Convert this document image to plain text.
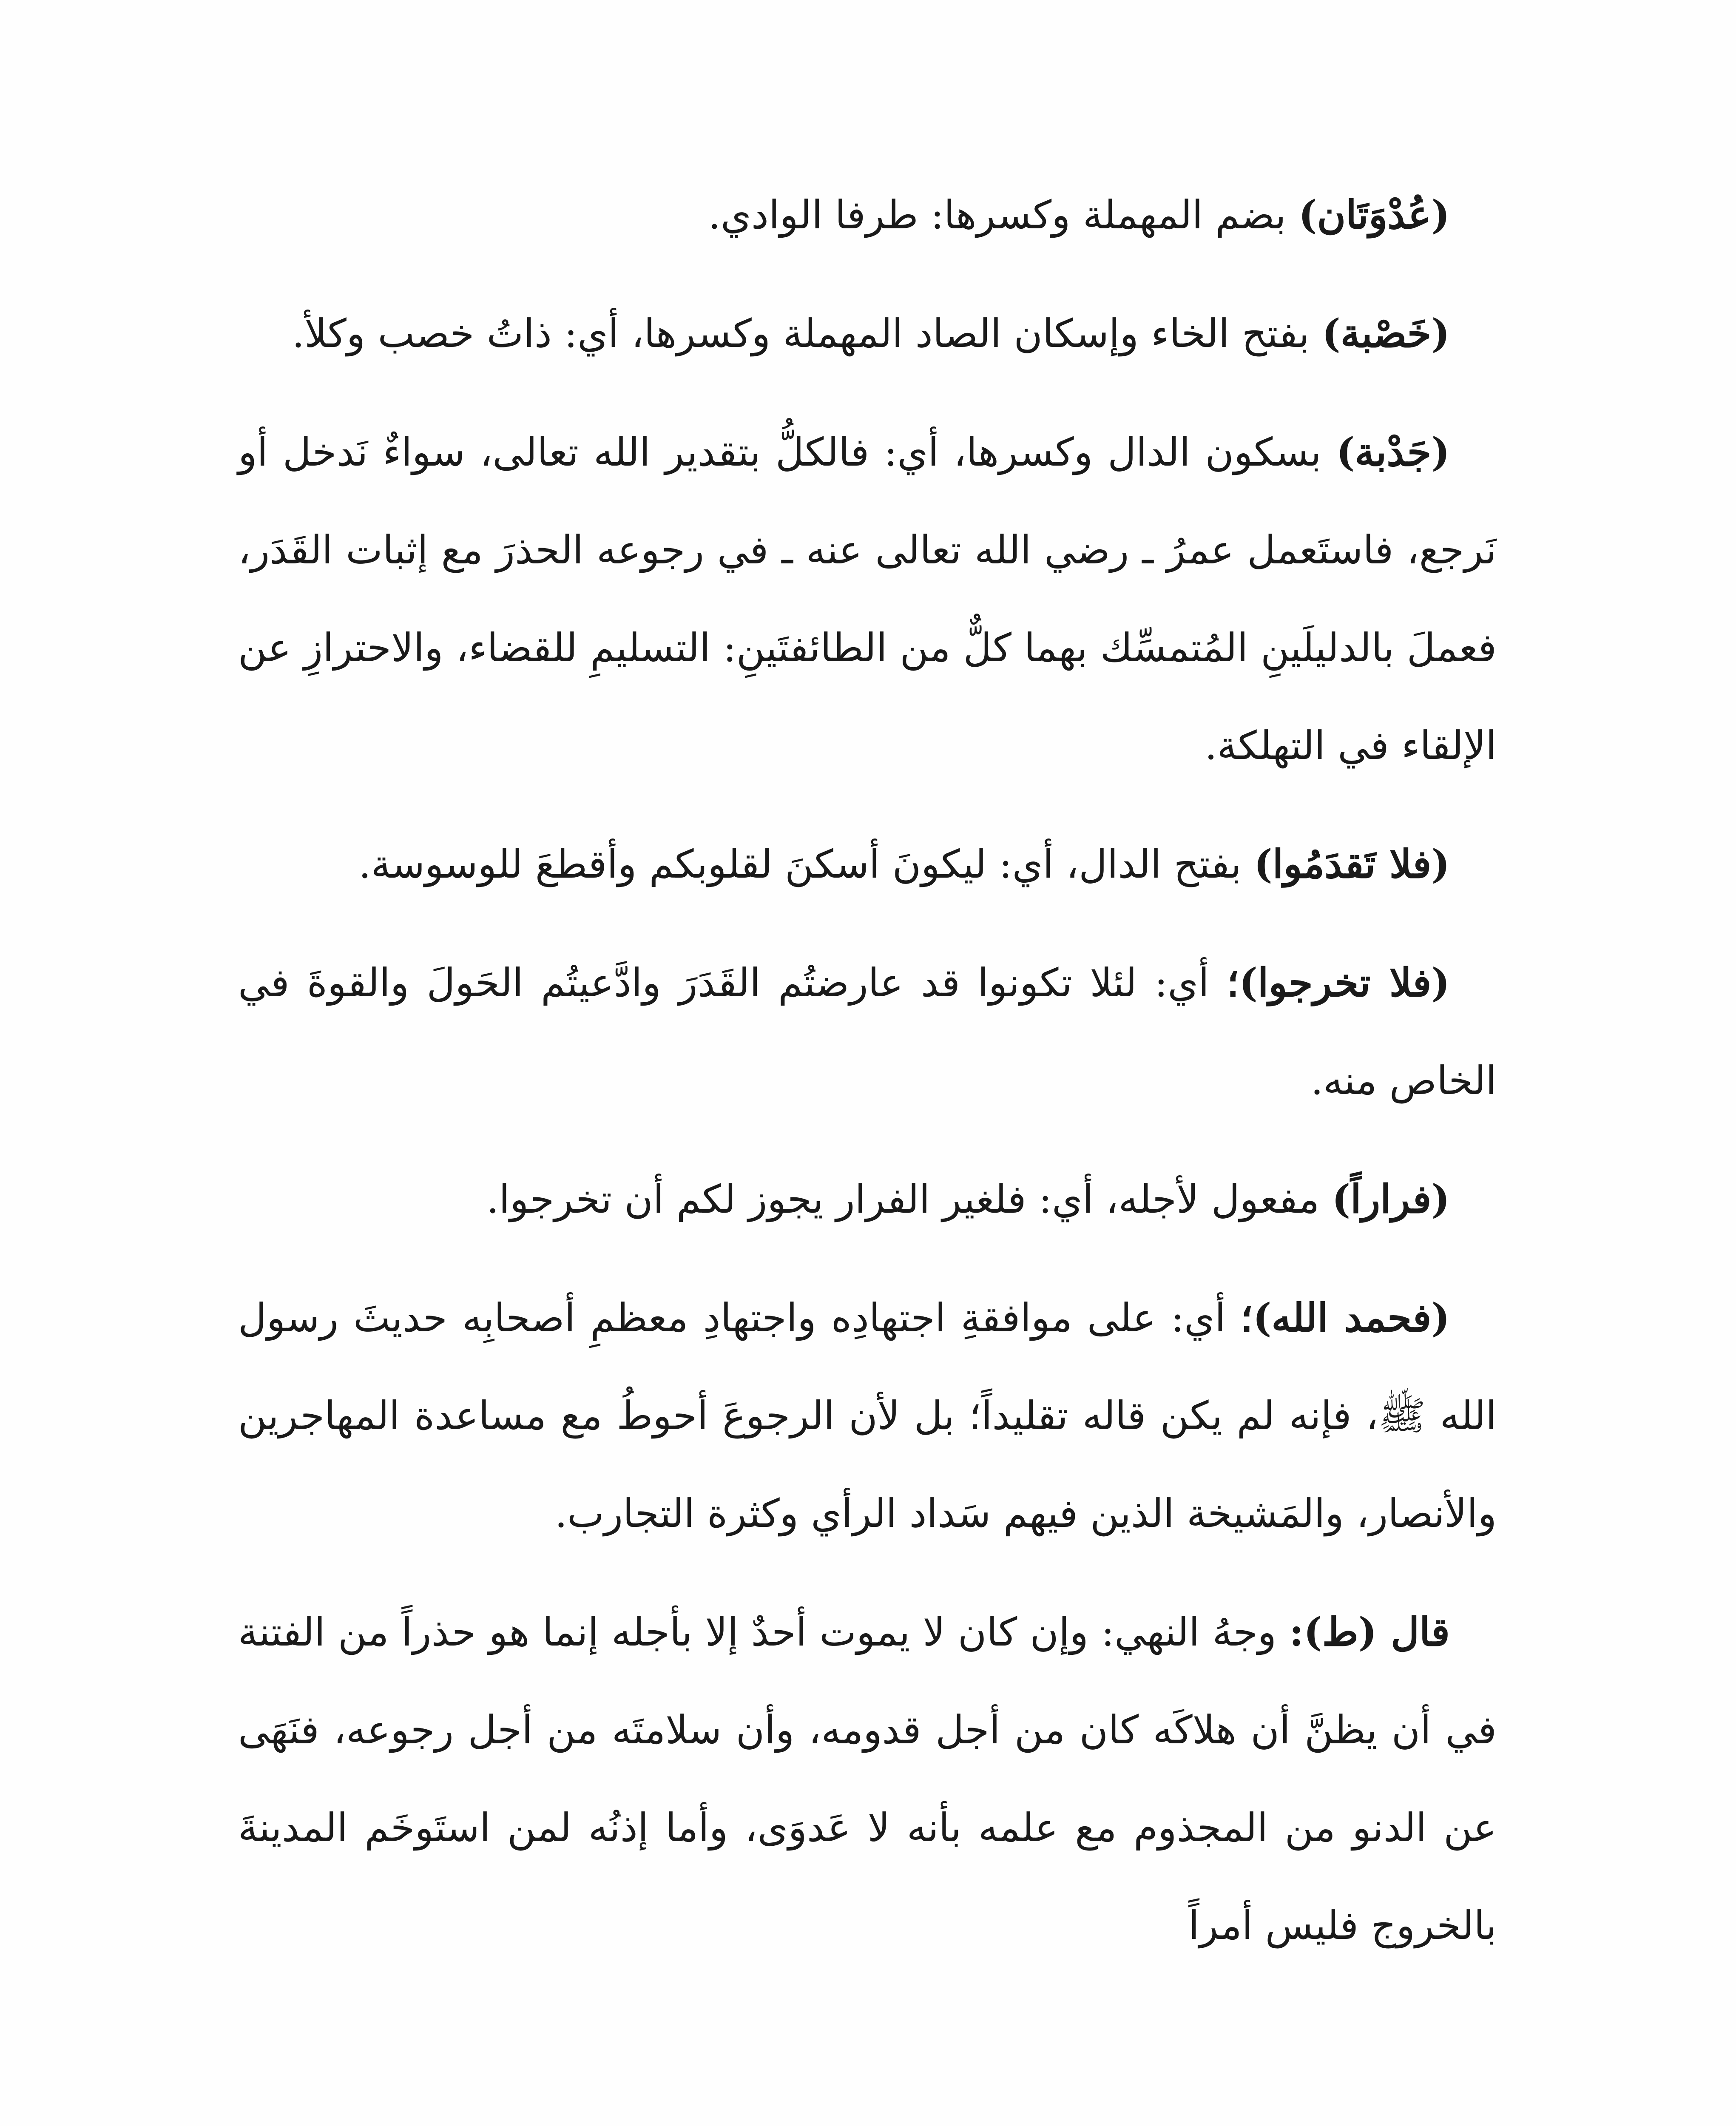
(عُدْوَتَان) بضم المهملة وكسرها: طرفا الوادي.

(خَصْبة) بفتح الخاء وإسكان الصاد المهملة وكسرها، أي: ذاتُ خصب وكلأ.

(جَدْبة) بسكون الدال وكسرها، أي: فالكلُّ بتقدير الله تعالى، سواءٌ نَدخل أو نَرجع، فاستَعمل عمرُ ـ رضي الله تعالى عنه ـ في رجوعه الحذرَ مع إثبات القَدَر، فعملَ بالدليلَينِ المُتمسِّك بهما كلٌّ من الطائفتَينِ: التسليمِ للقضاء، والاحترازِ عن الإلقاء في التهلكة.

(فلا تَقدَمُوا) بفتح الدال، أي: ليكونَ أسكنَ لقلوبكم وأقطعَ للوسوسة.

(فلا تخرجوا)؛ أي: لئلا تكونوا قد عارضتُم القَدَرَ وادَّعيتُم الحَولَ والقوةَ في الخاص منه.

(فراراً) مفعول لأجله، أي: فلغير الفرار يجوز لكم أن تخرجوا.

(فحمد الله)؛ أي: على موافقةِ اجتهادِه واجتهادِ معظمِ أصحابِه حديثَ رسول الله ﷺ، فإنه لم يكن قاله تقليداً؛ بل لأن الرجوعَ أحوطُ مع مساعدة المهاجرين والأنصار، والمَشيخة الذين فيهم سَداد الرأي وكثرة التجارب.

قال (ط): وجهُ النهي: وإن كان لا يموت أحدٌ إلا بأجله إنما هو حذراً من الفتنة في أن يظنَّ أن هلاكَه كان من أجل قدومه، وأن سلامتَه من أجل رجوعه، فنَهَى عن الدنو من المجذوم مع علمه بأنه لا عَدوَى، وأما إذنُه لمن استَوخَم المدينةَ بالخروج فليس أمراً
